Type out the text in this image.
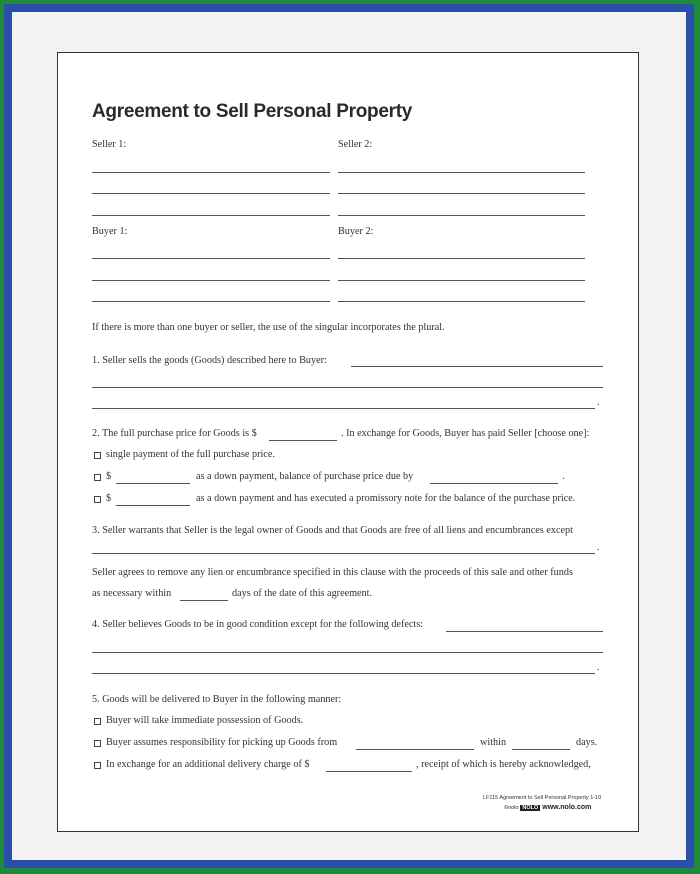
Agreement to Sell Personal Property
Seller 1:	Seller 2:
Buyer 1:	Buyer 2:
If there is more than one buyer or seller, the use of the singular incorporates the plural.
1. Seller sells the goods (Goods) described here to Buyer:
.
2. The full purchase price for Goods is $	. In exchange for Goods, Buyer has paid Seller [choose one]:
single payment of the full purchase price.
$	as a down payment, balance of purchase price due by	.
$	as a down payment and has executed a promissory note for the balance of the purchase price.
3. Seller warrants that Seller is the legal owner of Goods and that Goods are free of all liens and encumbrances except
.
Seller agrees to remove any lien or encumbrance specified in this clause with the proceeds of this sale and other funds
as necessary within	days of the date of this agreement.
4. Seller believes Goods to be in good condition except for the following defects:
.
5. Goods will be delivered to Buyer in the following manner:
Buyer will take immediate possession of Goods.
Buyer assumes responsibility for picking up Goods from	within	days.
In exchange for an additional delivery charge of $	, receipt of which is hereby acknowledged,
LF115 Agreement to Sell Personal Property 1-10
©nolo NOLO www.nolo.com
